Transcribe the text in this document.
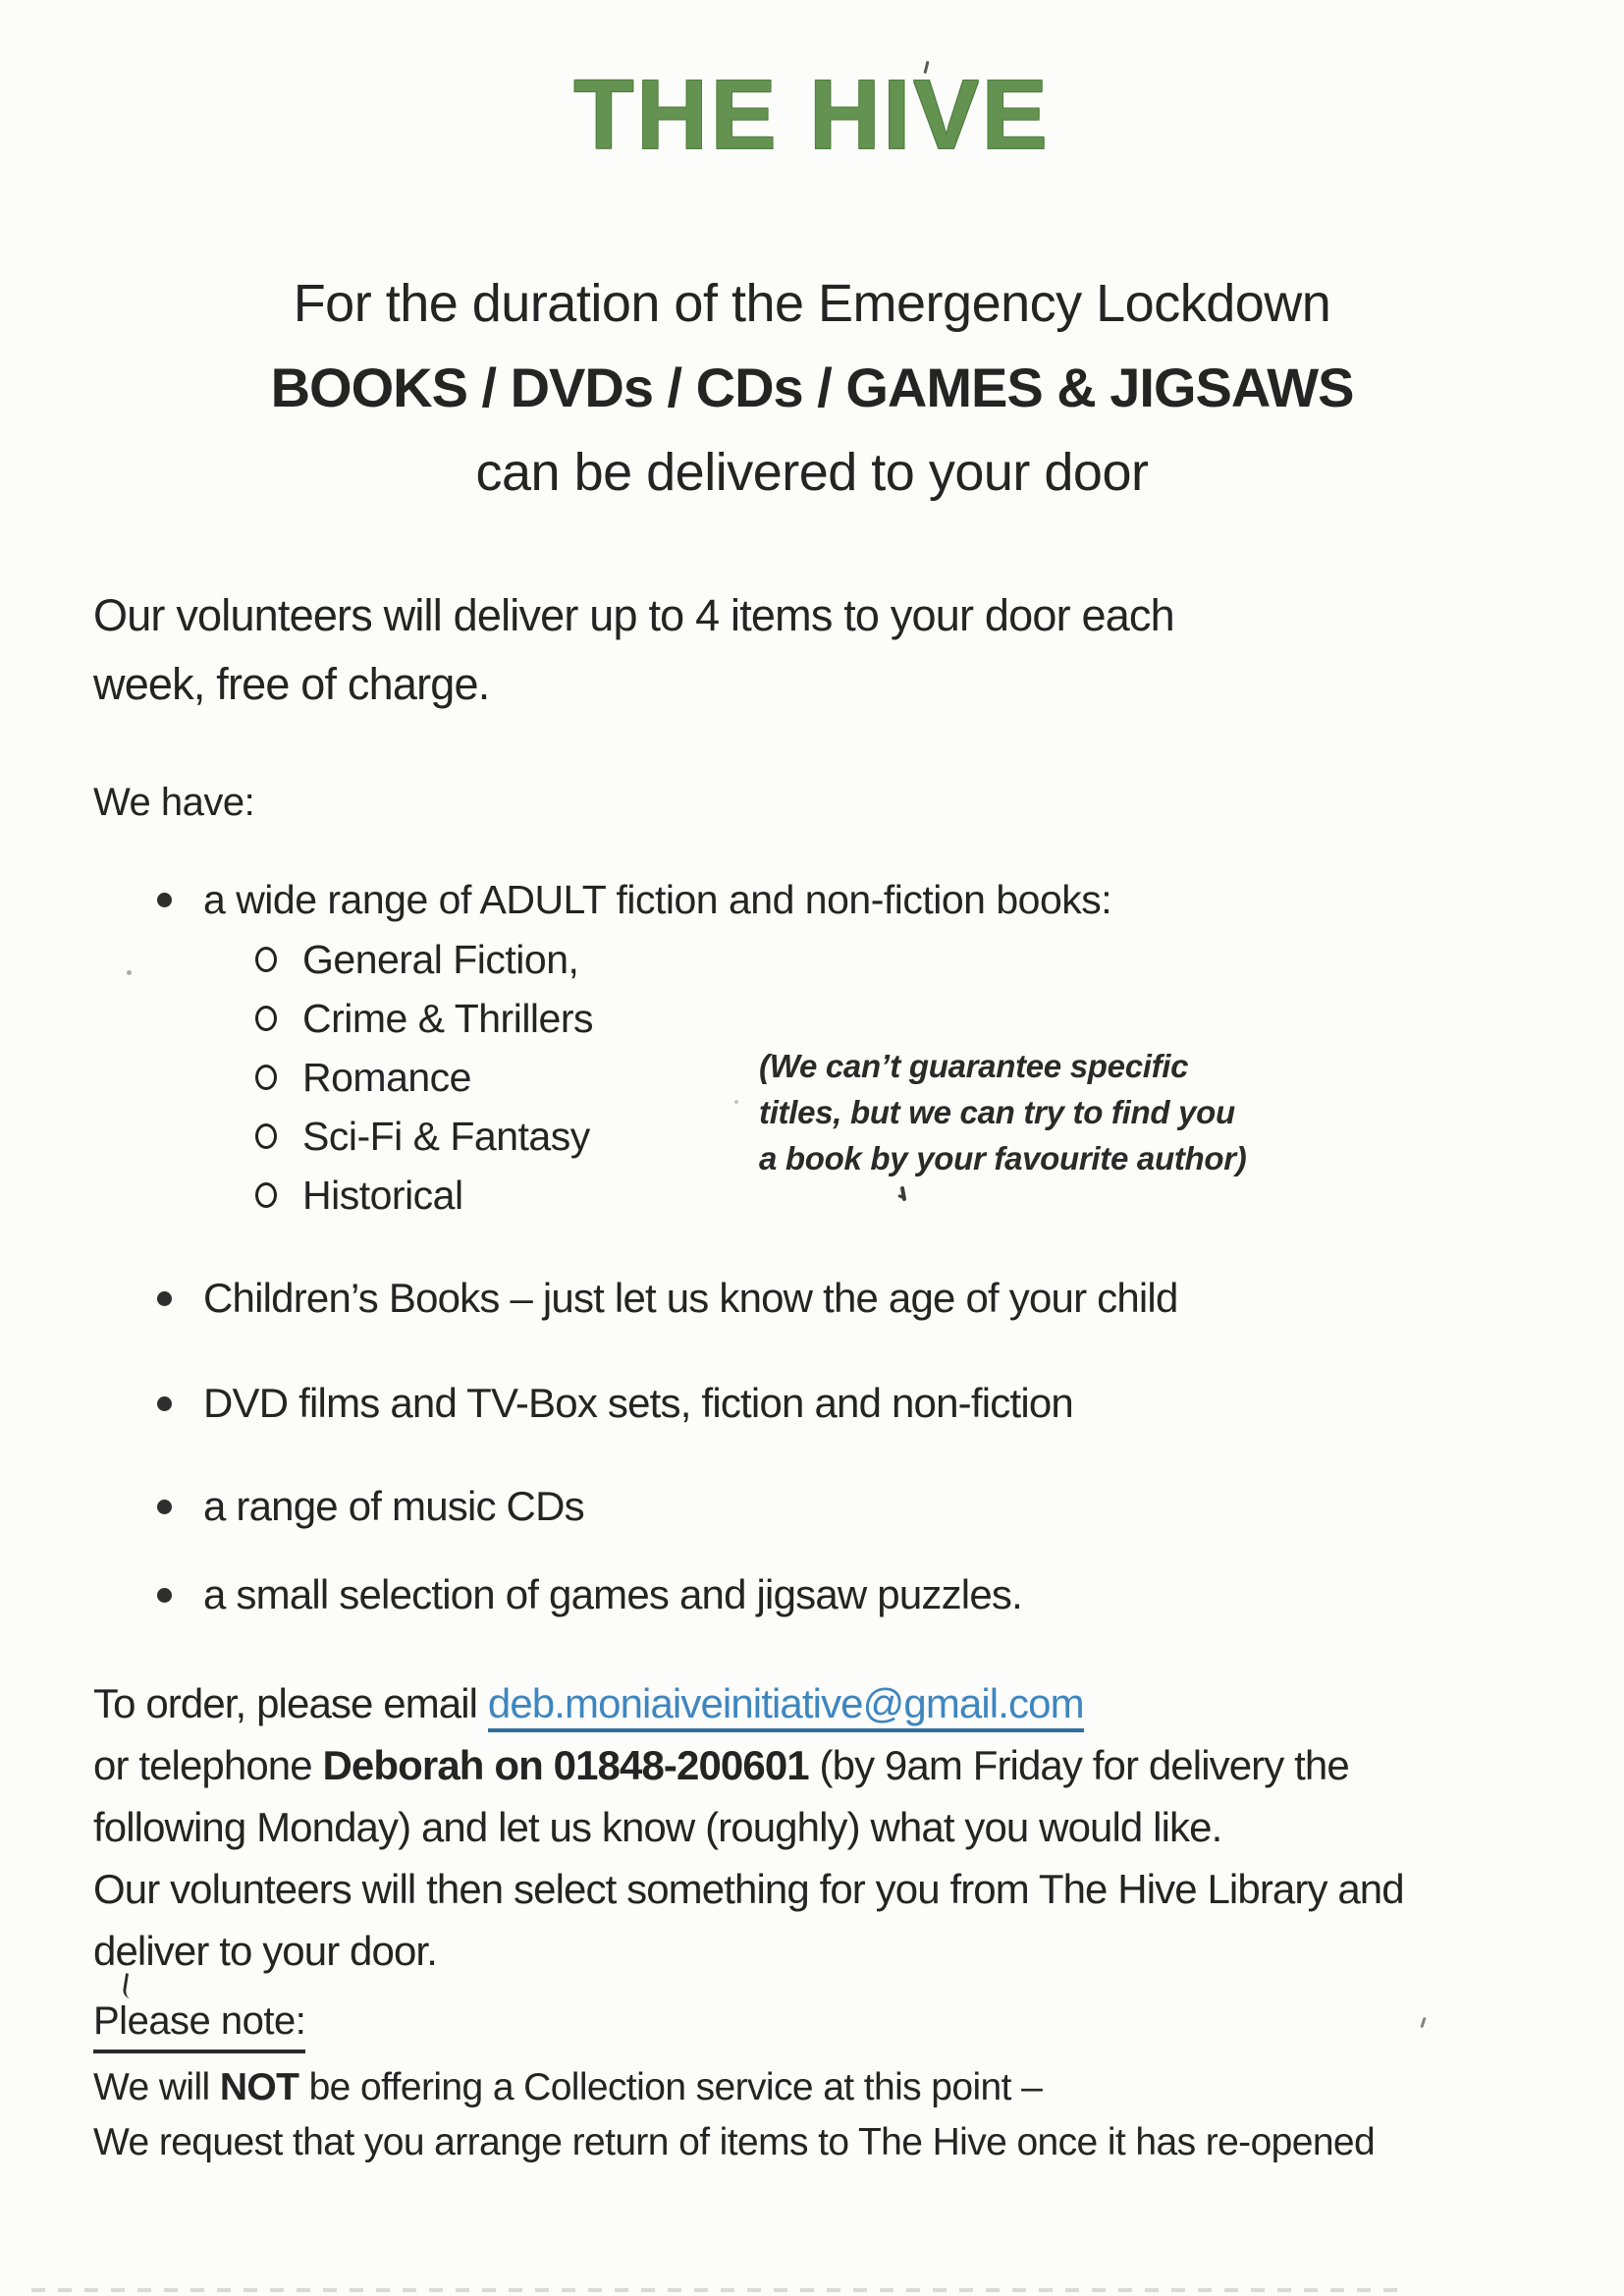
THE HIVE
For the duration of the Emergency Lockdown
BOOKS / DVDs / CDs / GAMES & JIGSAWS
can be delivered to your door
Our volunteers will deliver up to 4 items to your door each
week, free of charge.
We have:
a wide range of ADULT fiction and non-fiction books:
General Fiction,
Crime & Thrillers
Romance
Sci-Fi & Fantasy
Historical
(We can’t guarantee specific
titles, but we can try to find you
a book by your favourite author)
Children’s Books – just let us know the age of your child
DVD films and TV-Box sets, fiction and non-fiction
a range of music CDs
a small selection of games and jigsaw puzzles.
To order, please email deb.moniaiveinitiative@gmail.com
or telephone Deborah on 01848-200601 (by 9am Friday for delivery the
following Monday) and let us know (roughly) what you would like.
Our volunteers will then select something for you from The Hive Library and
deliver to your door.
Please note:
We will NOT be offering a Collection service at this point –
We request that you arrange return of items to The Hive once it has re-opened
